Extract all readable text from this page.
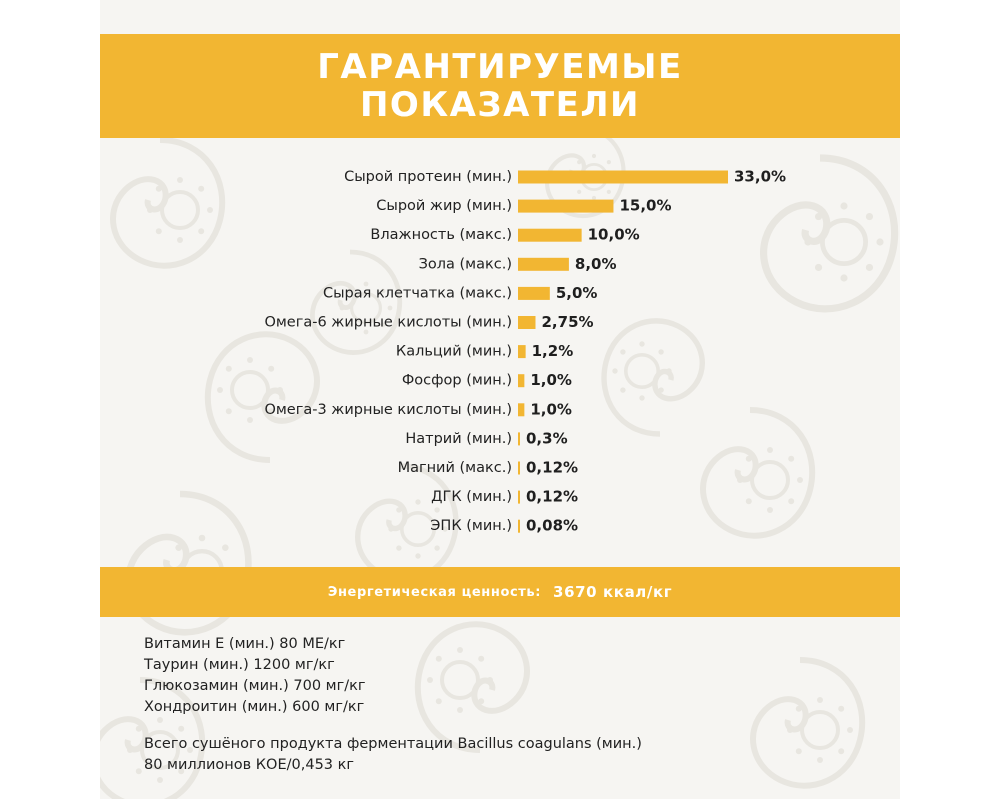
ГАРАНТИРУЕМЫЕ
ПОКАЗАТЕЛИ
Сырой протеин (мин.)	33,0%
Сырой жир (мин.)	15,0%
Влажность (макс.)	10,0%
Зола (макс.)	8,0%
Сырая клетчатка (макс.)	5,0%
Омега-6 жирные кислоты (мин.) 2,75%
Кальций (мин.) 1,2%
Фосфор (мин.) 1,0%
Омега-3 жирные кислоты (мин.) 1,0%
Натрий (мин.) 0,3%
Магний (макс.) 0,12%
ДГК (мин.) 0,12%
ЭПК (мин.) 0,08%
Энергетическая ценность: 3670 ккал/кг
Витамин Е (мин.) 80 МЕ/кг
Таурин (мин.) 1200 мг/кг
Глюкозамин (мин.) 700 мг/кг
Хондроитин (мин.) 600 мг/кг
Всего сушёного продукта ферментации Bacillus coagulans (мин.)
80 миллионов КОЕ/0,453 кг
